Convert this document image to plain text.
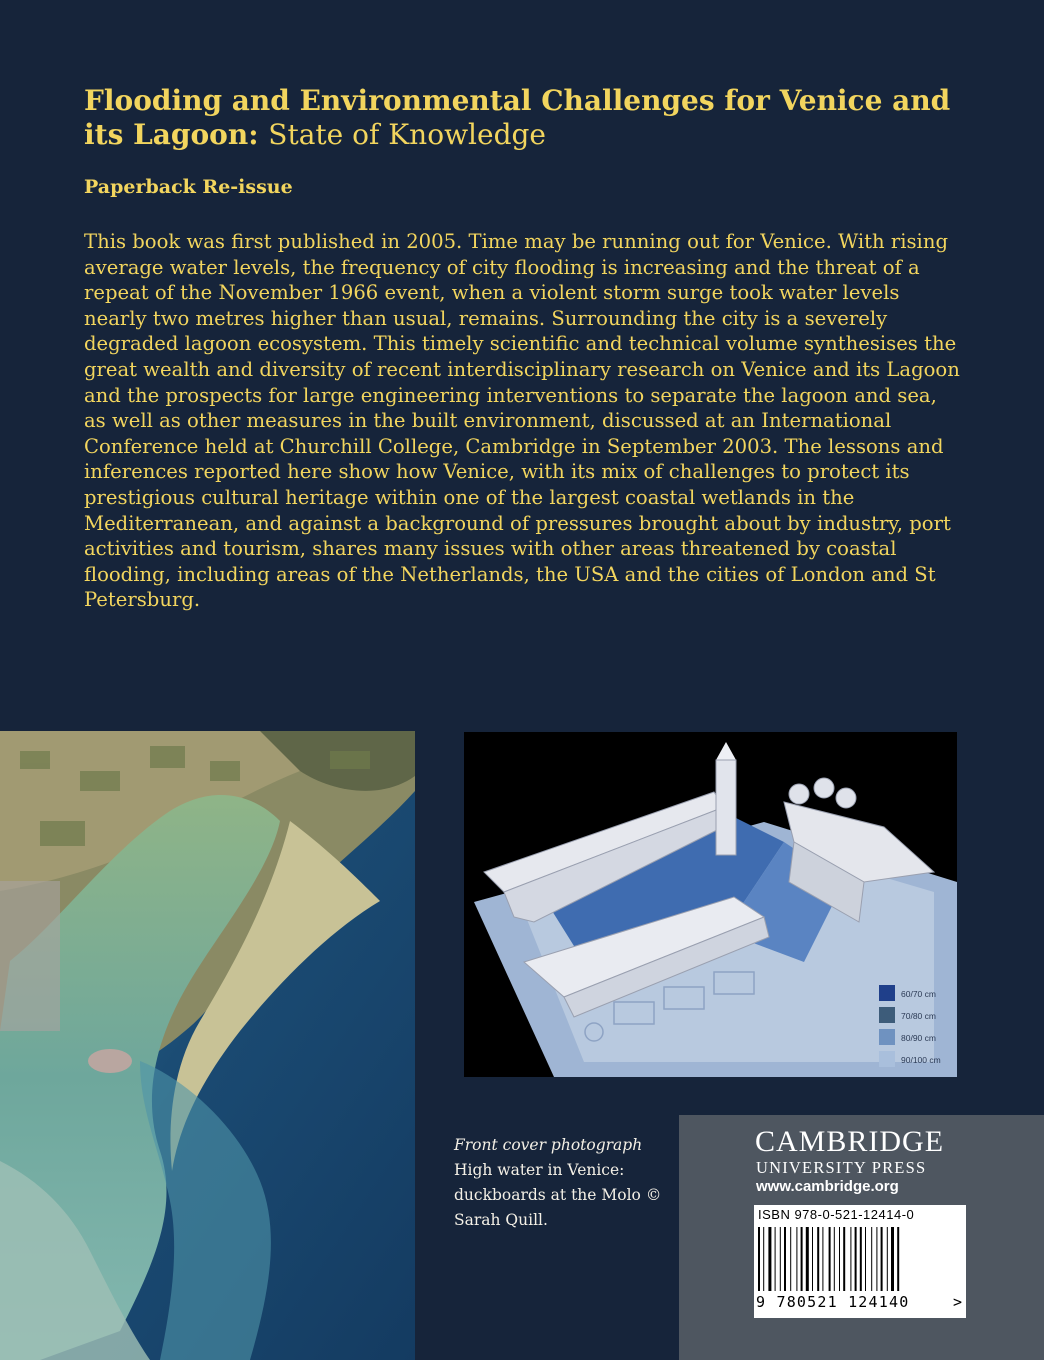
Flooding and Environmental Challenges for Venice and its Lagoon: State of Knowledge

Paperback Re-issue

This book was first published in 2005. Time may be running out for Venice. With rising average water levels, the frequency of city flooding is increasing and the threat of a repeat of the November 1966 event, when a violent storm surge took water levels nearly two metres higher than usual, remains. Surrounding the city is a severely degraded lagoon ecosystem. This timely scientific and technical volume synthesises the great wealth and diversity of recent interdisciplinary research on Venice and its Lagoon and the prospects for large engineering interventions to separate the lagoon and sea, as well as other measures in the built environment, discussed at an International Conference held at Churchill College, Cambridge in September 2003. The lessons and inferences reported here show how Venice, with its mix of challenges to protect its prestigious cultural heritage within one of the largest coastal wetlands in the Mediterranean, and against a background of pressures brought about by industry, port activities and tourism, shares many issues with other areas threatened by coastal flooding, including areas of the Netherlands, the USA and the cities of London and St Petersburg.

60/70 cm
70/80 cm
80/90 cm
90/100 cm

Front cover photograph High water in Venice: duckboards at the Molo © Sarah Quill.

CAMBRIDGE

UNIVERSITY PRESS

www.cambridge.org

ISBN 978-0-521-12414-0
9 780521 124140	>
